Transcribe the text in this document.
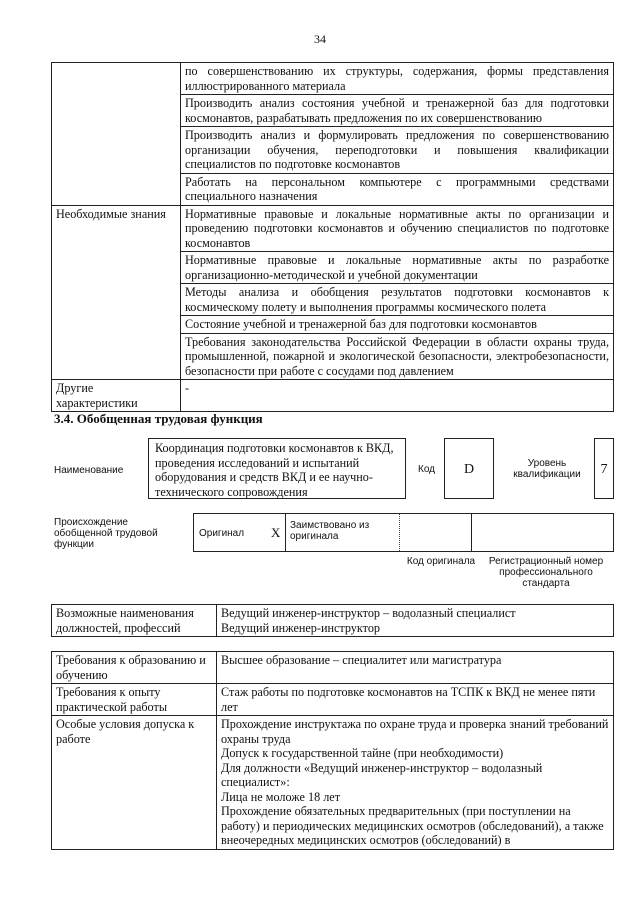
34
	по совершенствованию их структуры, содержания, формы представления иллюстрированного материала
	Производить анализ состояния учебной и тренажерной баз для подготовки космонавтов, разрабатывать предложения по их совершенствованию
	Производить анализ и формулировать предложения по совершенствованию организации обучения, переподготовки и повышения квалификации специалистов по подготовке космонавтов
	Работать на персональном компьютере с программными средствами специального назначения
Необходимые знания	Нормативные правовые и локальные нормативные акты по организации и проведению подготовки космонавтов и обучению специалистов по подготовке космонавтов
	Нормативные правовые и локальные нормативные акты по разработке организационно-методической и учебной документации
	Методы анализа и обобщения результатов подготовки космонавтов к космическому полету и выполнения программы космического полета
	Состояние учебной и тренажерной баз для подготовки космонавтов
	Требования законодательства Российской Федерации в области охраны труда, промышленной, пожарной и экологической безопасности, электробезопасности, безопасности при работе с сосудами под давлением
Другие характеристики	-
3.4. Обобщенная трудовая функция
Наименование
Координация подготовки космонавтов к ВКД, проведения исследований и испытаний оборудования и средств ВКД и ее научно-технического сопровождения
Код	D	Уровень квалификации	7
Происхождение обобщенной трудовой функции
Оригинал X Заимствовано из оригинала
Код оригинала	Регистрационный номер профессионального стандарта
Возможные наименования должностей, профессий	
Ведущий инженер-инструктор – водолазный специалист
Ведущий инженер-инструктор
Требования к образованию и обучению	Высшее образование – специалитет или магистратура
Требования к опыту практической работы	Стаж работы по подготовке космонавтов на ТСПК к ВКД не менее пяти лет
Особые условия допуска к работе	Прохождение инструктажа по охране труда и проверка знаний требований охраны труда
Допуск к государственной тайне (при необходимости)
Для должности «Ведущий инженер-инструктор – водолазный специалист»:
Лица не моложе 18 лет
Прохождение обязательных предварительных (при поступлении на работу) и периодических медицинских осмотров (обследований), а также внеочередных медицинских осмотров (обследований) в
